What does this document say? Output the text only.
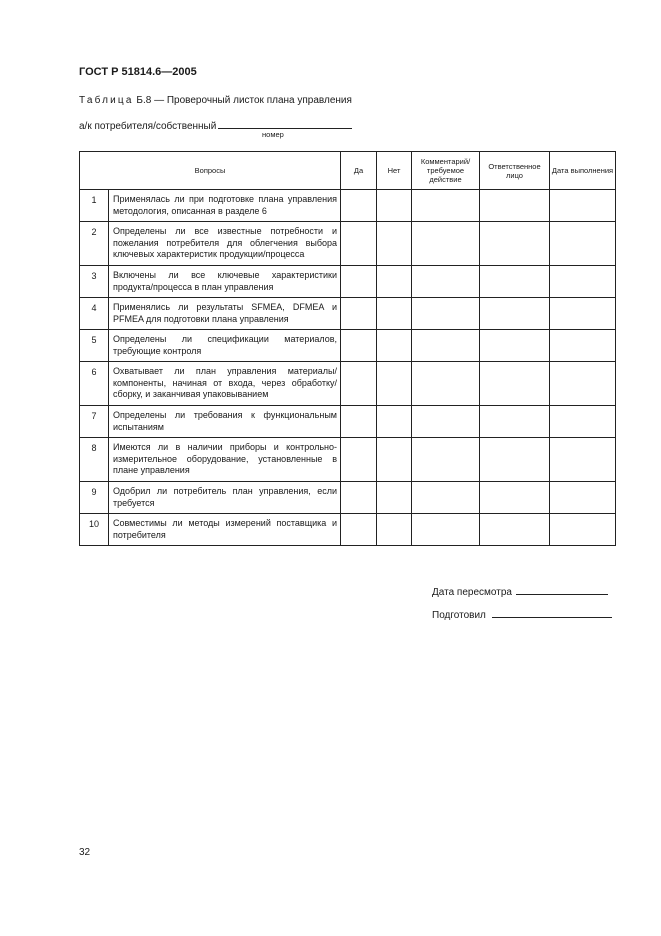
ГОСТ Р 51814.6—2005
Таблица Б.8 — Проверочный листок плана управления
а/к потребителя/собственный
номер
Вопросы		Да	Нет	Комментарий/ требуемое действие	Ответственное лицо	Дата выполнения
1	Применялась ли при подготовке плана управления методология, описанная в разделе 6					
2	Определены ли все известные потребности и пожелания потребителя для облегчения выбора ключевых характеристик продукции/процесса					
3	Включены ли все ключевые характеристики продукта/процесса в план управления					
4	Применялись ли результаты SFMEA, DFMEA и PFMEA для подготовки плана управления					
5	Определены ли спецификации материалов, требующие контроля					
6	Охватывает ли план управления материалы/компоненты, начиная от входа, через обработку/сборку, и заканчивая упаковыванием					
7	Определены ли требования к функциональным испытаниям					
8	Имеются ли в наличии приборы и контрольно-измерительное оборудование, установленные в плане управления					
9	Одобрил ли потребитель план управления, если требуется					
10	Совместимы ли методы измерений поставщика и потребителя					
Дата пересмотра
Подготовил
32
